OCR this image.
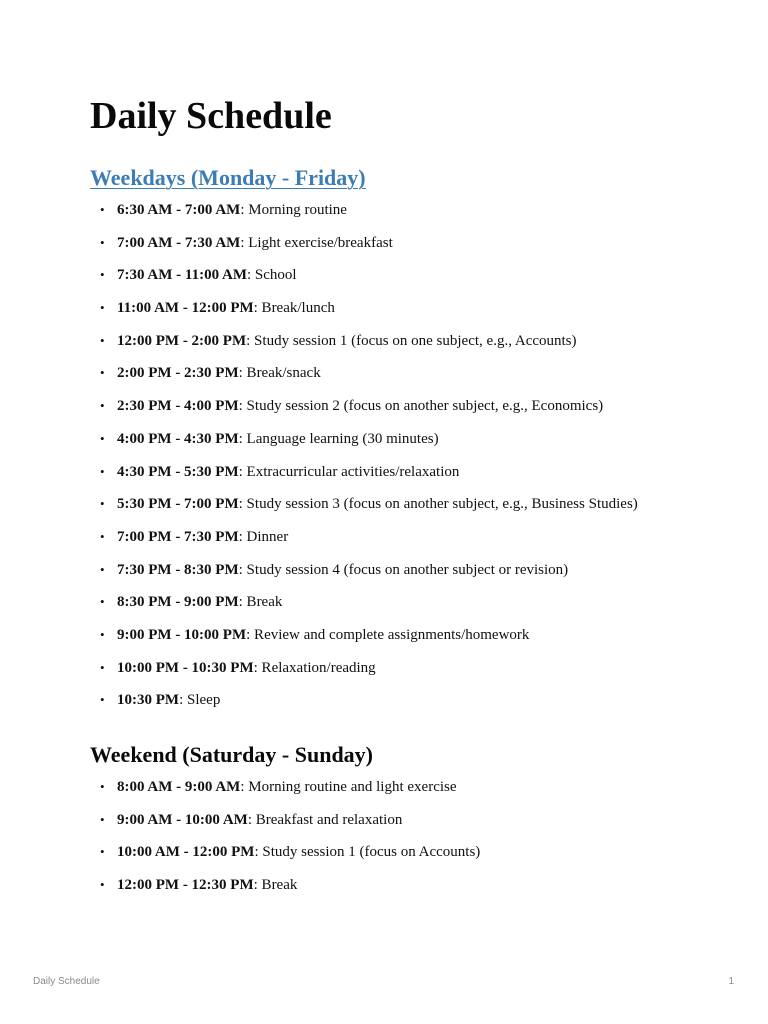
Daily Schedule
Weekdays (Monday - Friday)
• 6:30 AM - 7:00 AM: Morning routine
• 7:00 AM - 7:30 AM: Light exercise/breakfast
• 7:30 AM - 11:00 AM: School
• 11:00 AM - 12:00 PM: Break/lunch
• 12:00 PM - 2:00 PM: Study session 1 (focus on one subject, e.g., Accounts)
• 2:00 PM - 2:30 PM: Break/snack
• 2:30 PM - 4:00 PM: Study session 2 (focus on another subject, e.g., Economics)
• 4:00 PM - 4:30 PM: Language learning (30 minutes)
• 4:30 PM - 5:30 PM: Extracurricular activities/relaxation
• 5:30 PM - 7:00 PM: Study session 3 (focus on another subject, e.g., Business Studies)
• 7:00 PM - 7:30 PM: Dinner
• 7:30 PM - 8:30 PM: Study session 4 (focus on another subject or revision)
• 8:30 PM - 9:00 PM: Break
• 9:00 PM - 10:00 PM: Review and complete assignments/homework
• 10:00 PM - 10:30 PM: Relaxation/reading
• 10:30 PM: Sleep
Weekend (Saturday - Sunday)
• 8:00 AM - 9:00 AM: Morning routine and light exercise
• 9:00 AM - 10:00 AM: Breakfast and relaxation
• 10:00 AM - 12:00 PM: Study session 1 (focus on Accounts)
• 12:00 PM - 12:30 PM: Break
Daily Schedule	1
